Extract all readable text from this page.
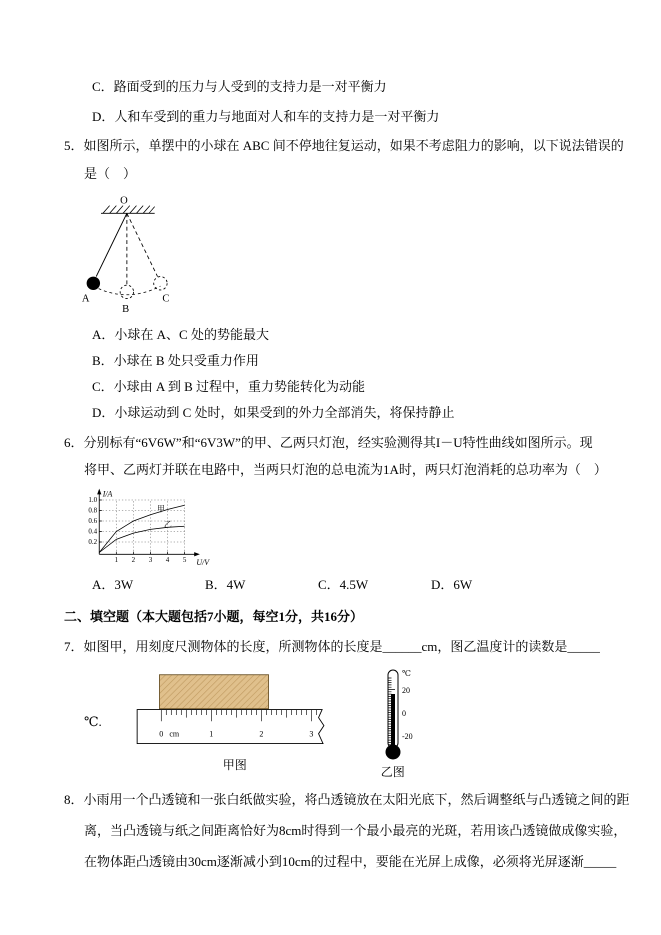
C．路面受到的压力与人受到的支持力是一对平衡力
D．人和车受到的重力与地面对人和车的支持力是一对平衡力
5．如图所示，单摆中的小球在 ABC 间不停地往复运动，如果不考虑阻力的影响，以下说法错误的
是（　）
O
A
B
C
A．小球在 A、C 处的势能最大
B．小球在 B 处只受重力作用
C．小球由 A 到 B 过程中，重力势能转化为动能
D．小球运动到 C 处时，如果受到的外力全部消失，将保持静止
6．分别标有“6V6W”和“6V3W”的甲、乙两只灯泡，经实验测得其I－U特性曲线如图所示。现
将甲、乙两灯并联在电路中，当两只灯泡的总电流为1A时，两只灯泡消耗的总功率为（　）
0.2
0.4
0.6
0.8
1.0
1 2 3 4 5
I/A
U/V
甲
乙
A．3W	B．4W	C．4.5W	D．6W
二、填空题（本大题包括7小题，每空1分，共16分）
7．如图甲，用刻度尺测物体的长度，所测物体的长度是______cm，图乙温度计的读数是_____
℃.
0 cm	1	2	3
甲图
℃
20
0
-20
乙图
8．小雨用一个凸透镜和一张白纸做实验，将凸透镜放在太阳光底下，然后调整纸与凸透镜之间的距
离，当凸透镜与纸之间距离恰好为8cm时得到一个最小最亮的光斑，若用该凸透镜做成像实验，
在物体距凸透镜由30cm逐渐减小到10cm的过程中，要能在光屏上成像，必须将光屏逐渐_____
